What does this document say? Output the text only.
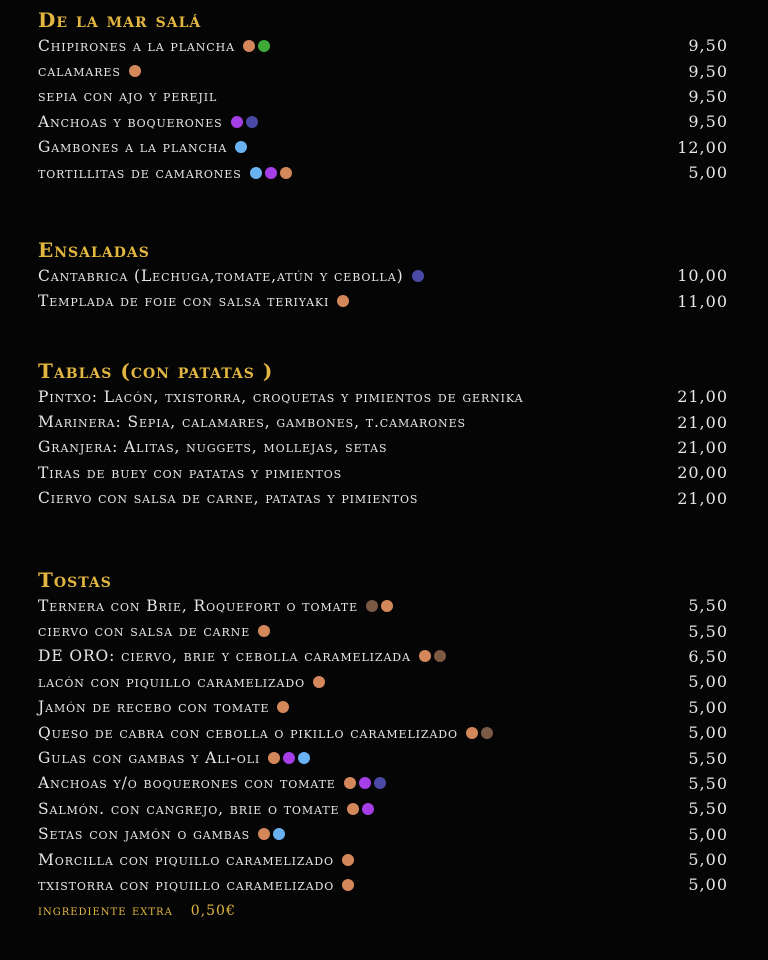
De la mar salá
Chipirones a la plancha	9,50
calamares	9,50
sepia con ajo y perejil	9,50
Anchoas y boquerones	9,50
Gambones a la plancha	12,00
tortillitas de camarones	5,00
Ensaladas
Cantabrica (Lechuga,tomate,atún y cebolla)	10,00
Templada de foie con salsa teriyaki	11,00
Tablas (con patatas )
Pintxo: Lacón, txistorra, croquetas y pimientos de gernika	21,00
Marinera: Sepia, calamares, gambones, t.camarones	21,00
Granjera: Alitas, nuggets, mollejas, setas	21,00
Tiras de buey con patatas y pimientos	20,00
Ciervo con salsa de carne, patatas y pimientos	21,00
Tostas
Ternera con Brie, Roquefort o tomate	5,50
ciervo con salsa de carne	5,50
DE ORO: ciervo, brie y cebolla caramelizada	6,50
lacón con piquillo caramelizado	5,00
Jamón de recebo con tomate	5,00
Queso de cabra con cebolla o pikillo caramelizado	5,00
Gulas con gambas y Ali-oli	5,50
Anchoas y/o boquerones con tomate	5,50
Salmón. con cangrejo, brie o tomate	5,50
Setas con jamón o gambas	5,00
Morcilla con piquillo caramelizado	5,00
txistorra con piquillo caramelizado	5,00
ingrediente extra 0,50€
